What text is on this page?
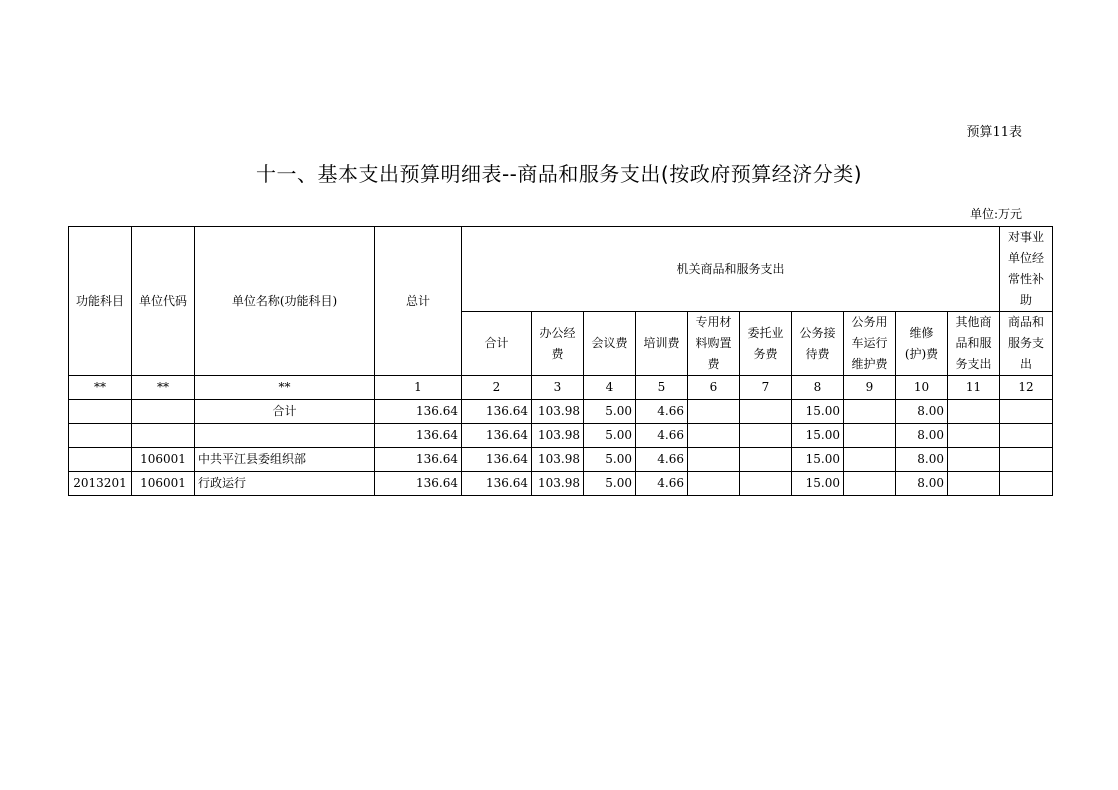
预算11表
十一、基本支出预算明细表--商品和服务支出(按政府预算经济分类)
单位:万元
功能科目	单位代码	单位名称(功能科目)	总计	机关商品和服务支出										对事业单位经常性补助
				合计	办公经费	会议费	培训费	专用材料购置费	委托业务费	公务接待费	公务用车运行维护费	维修(护)费	其他商品和服务支出	商品和服务支出
**	**	**	1	2	3	4	5	6	7	8	9	10	11	12
		合计	136.64	136.64	103.98	5.00	4.66			15.00		8.00		
			136.64	136.64	103.98	5.00	4.66			15.00		8.00		
	106001	中共平江县委组织部	136.64	136.64	103.98	5.00	4.66			15.00		8.00		
2013201	106001	行政运行	136.64	136.64	103.98	5.00	4.66			15.00		8.00		
